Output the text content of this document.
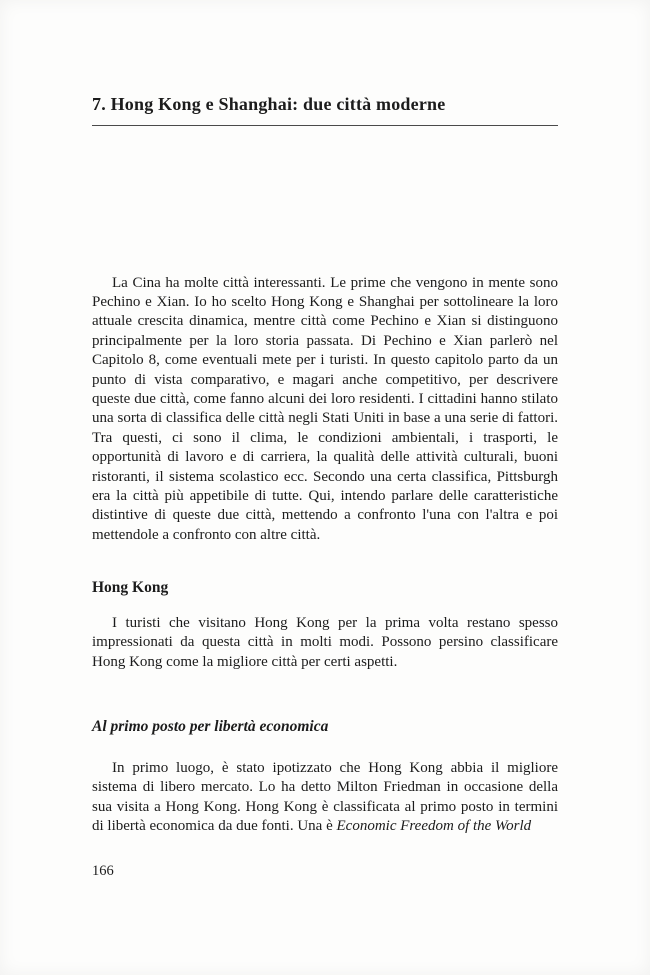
7. Hong Kong e Shanghai: due città moderne

La Cina ha molte città interessanti. Le prime che vengono in mente sono Pechino e Xian. Io ho scelto Hong Kong e Shanghai per sottolineare la loro attuale crescita dinamica, mentre città come Pechino e Xian si distinguono principalmente per la loro storia passata. Di Pechino e Xian parlerò nel Capitolo 8, come eventuali mete per i turisti. In questo capitolo parto da un punto di vista comparativo, e magari anche competitivo, per descrivere queste due città, come fanno alcuni dei loro residenti. I cittadini hanno stilato una sorta di classifica delle città negli Stati Uniti in base a una serie di fattori. Tra questi, ci sono il clima, le condizioni ambientali, i trasporti, le opportunità di lavoro e di carriera, la qualità delle attività culturali, buoni ristoranti, il sistema scolastico ecc. Secondo una certa classifica, Pittsburgh era la città più appetibile di tutte. Qui, intendo parlare delle caratteristiche distintive di queste due città, mettendo a confronto l'una con l'altra e poi mettendole a confronto con altre città.

Hong Kong

I turisti che visitano Hong Kong per la prima volta restano spesso impressionati da questa città in molti modi. Possono persino classificare Hong Kong come la migliore città per certi aspetti.

Al primo posto per libertà economica

In primo luogo, è stato ipotizzato che Hong Kong abbia il migliore sistema di libero mercato. Lo ha detto Milton Friedman in occasione della sua visita a Hong Kong. Hong Kong è classificata al primo posto in termini di libertà economica da due fonti. Una è Economic Freedom of the World

166
